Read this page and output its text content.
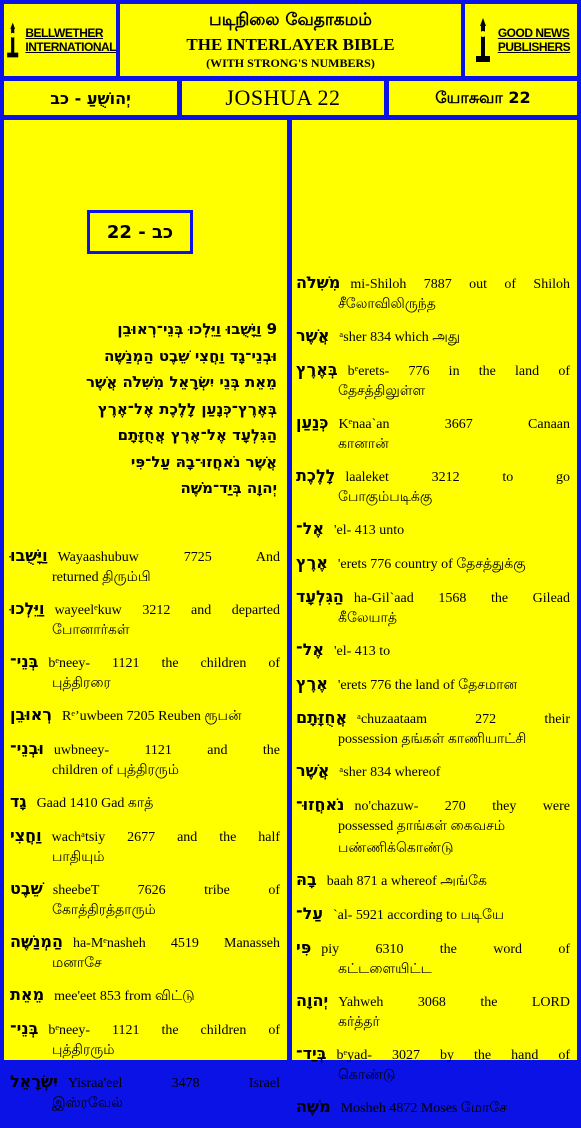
BELLWETHER
INTERNATIONAL
படிநிலை வேதாகமம்
THE INTERLAYER BIBLE
(WITH STRONG'S NUMBERS)
GOOD NEWS
PUBLISHERS
יְהוֹשֻׁעַ - כב	JOSHUA 22	யோசுவா 22
כב - 22
9 וַיָּשֻׁבוּ וַיֵּלְכוּ בְּנֵי־רְאוּבֵן
וּבְנֵי־גָד וַחֲצִי שֵׁבֶט הַמְנַשֶּׁה
מֵאֵת בְּנֵי יִשְׂרָאֵל מִשִּׁלֹה אֲשֶׁר
בְּאֶרֶץ־כְּנָעַן לָלֶכֶת אֶל־אֶרֶץ
הַגִּלְעָד אֶל־אֶרֶץ אֲחֻזָּתָם
אֲשֶׁר נֹאחֲזוּ־בָהּ עַל־פִּי
יְהוָה בְּיַד־מֹשֶׁה
וַיָּשֻׁבוּ Wayaashubuw 7725 And
returned திரும்பி
וַיֵּלְכוּ wayeelᵉkuw 3212 and departed
போனார்கள்
בְּנֵי־ bᵉneey- 1121 the children of
புத்திரரை
רְאוּבֵן Rᵉʼuwbeen 7205 Reuben ரூபன்
וּבְנֵי־ uwbneey- 1121 and the
children of புத்திரரும்
גָד Gaad 1410 Gad காத்
וַחֲצִי wachᵃtsiy 2677 and the half
பாதியும்
שֵׁבֶט sheebeT 7626 tribe of
கோத்திரத்தாரும்
הַמְנַשֶּׁה ha-Mᵉnasheh 4519 Manasseh
மனாசே
מֵאֵת mee'eet 853 from விட்டு
בְּנֵי־ bᵉneey- 1121 the children of
புத்திரரும்
יִשְׂרָאֵל Yisraa'eel 3478 Israel
இஸ்ரவேல்
מִשִּׁלֹה mi-Shiloh 7887 out of Shiloh
சீலோவிலிருந்த
אֲשֶׁר ᵃsher 834 which அது
בְּאֶרֶץ bᵉerets- 776 in the land of
தேசத்திலுள்ள
כְּנַעַן Kᵉnaa`an 3667 Canaan
கானான்
לָלֶכֶת laaleket 3212 to go
போகும்படிக்கு
אֶל־ 'el- 413 unto
אֶרֶץ 'erets 776 country of தேசத்துக்கு
הַגִּלְעָד ha-Gil`aad 1568 the Gilead
கீலேயாத்
אֶל־ 'el- 413 to
אֶרֶץ 'erets 776 the land of தேசமான
אֲחֻזָּתָם ᵃchuzaataam 272 their
possession தங்கள் காணியாட்சி
אֲשֶׁר ᵃsher 834 whereof
נֹאחֲזוּ־ no'chazuw- 270 they were
possessed தாங்கள் கைவசம் பண்ணிக்கொண்டு
בָהּ baah 871 a whereof அங்கே
עַל־ `al- 5921 according to படியே
פִּי piy 6310 the word of
கட்டளையிட்ட
יְהוָה Yahweh 3068 the LORD
கர்த்தர்
בְּיַד־ bᵉyad- 3027 by the hand of
கொண்டு
מֹשֶׁה Mosheh 4872 Moses மோசே
